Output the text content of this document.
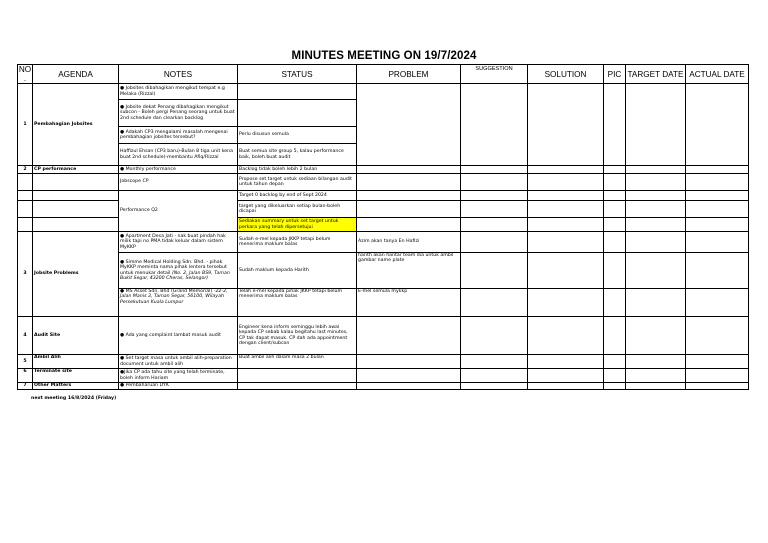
MINUTES MEETING ON 19/7/2024
NO.	AGENDA	NOTES	STATUS	PROBLEM	SUGGESTION	SOLUTION	PIC	TARGET DATE	ACTUAL DATE
1	Pembahagian Jobsites	● Jobsites dibahagikan mengikut tempat e.g Melaka (Rizzal)							
		● Jobsite dekat Penang dibahagikan mengikut subcon - Boleh pergi Penang seorang untuk buat 2nd schedule dan clearkan backlog							
		● Adakah CP3 mengalami masalah mengenai pembahagian jobsites tersebut?	Perlu disusun semula						
		Haffizul Ehsan (CP3 baru)-Bulan 8 tiga unit kena buat 2nd schedule)-membantu Afiq/Rizzal	Buat semua site group 5, kalau performance baik, boleh buat audit						
2	CP performance	● Monthly performance	Backlog tidak boleh lebih 2 bulan						
		Jobscope CP	Propose set target untuk sediaan bilangan audit untuk tahun depan						
		Performance Q2	Target 0 backlog by end of Sept 2024						
			target yang dikeluarkan setiap bulan-boleh dicapai						
			Sediakan summary untuk set target untuk perkara yang telah dipersetujui						
3	Jobsite Problems	● Apartment Desa Jati - nak buat pindah hak milik tapi no PMA tidak keluar dalam sistem MyKKP	Sudah e-mel kepada JKKP tetapi belum menerima maklum balas	Azim akan tanya En Hafizi					
		● Simme Medical Holding Sdn. Bhd. - pihak MyKKP meminta nama pihak lentera tersebut untuk menukar detail (No. 2, Jalan BS9, Taman Bukit Segar, 43200 Cheras, Selangor)	Sudah maklum kepada Harith	harith akan hantar team dia untuk ambil gambar name plate					
		● MS Asset Sdn. Bhd (Grand Memorial) -22-2, Jalan Manis 3, Taman Segar, 56100, Wilayah Persekutuan Kuala Lumpur	Telah e-mel kepada pihak JKKP tetapi belum menerima maklum balas	E-mel semula mykkp					
4	Audit Site	● Ada yang complaint lambat masuk audit	Engineer kena inform seminggu lebih awal kepada CP sebab kalau begitahu last minutes, CP tak dapat masuk. CP dah ada appointment dengan client/subcon						
5	Ambil Alih	● Set target masa untuk ambil alih-preparation document untuk ambil alih	Buat ambil alih dalam masa 2 bulan						
6	Terminate site	●Jika CP ada tahu site yang telah terminate, boleh inform Hariam							
7	Other Matters	● Pembaharuan DYK							
next meeting 16/8/2024 (Friday)
